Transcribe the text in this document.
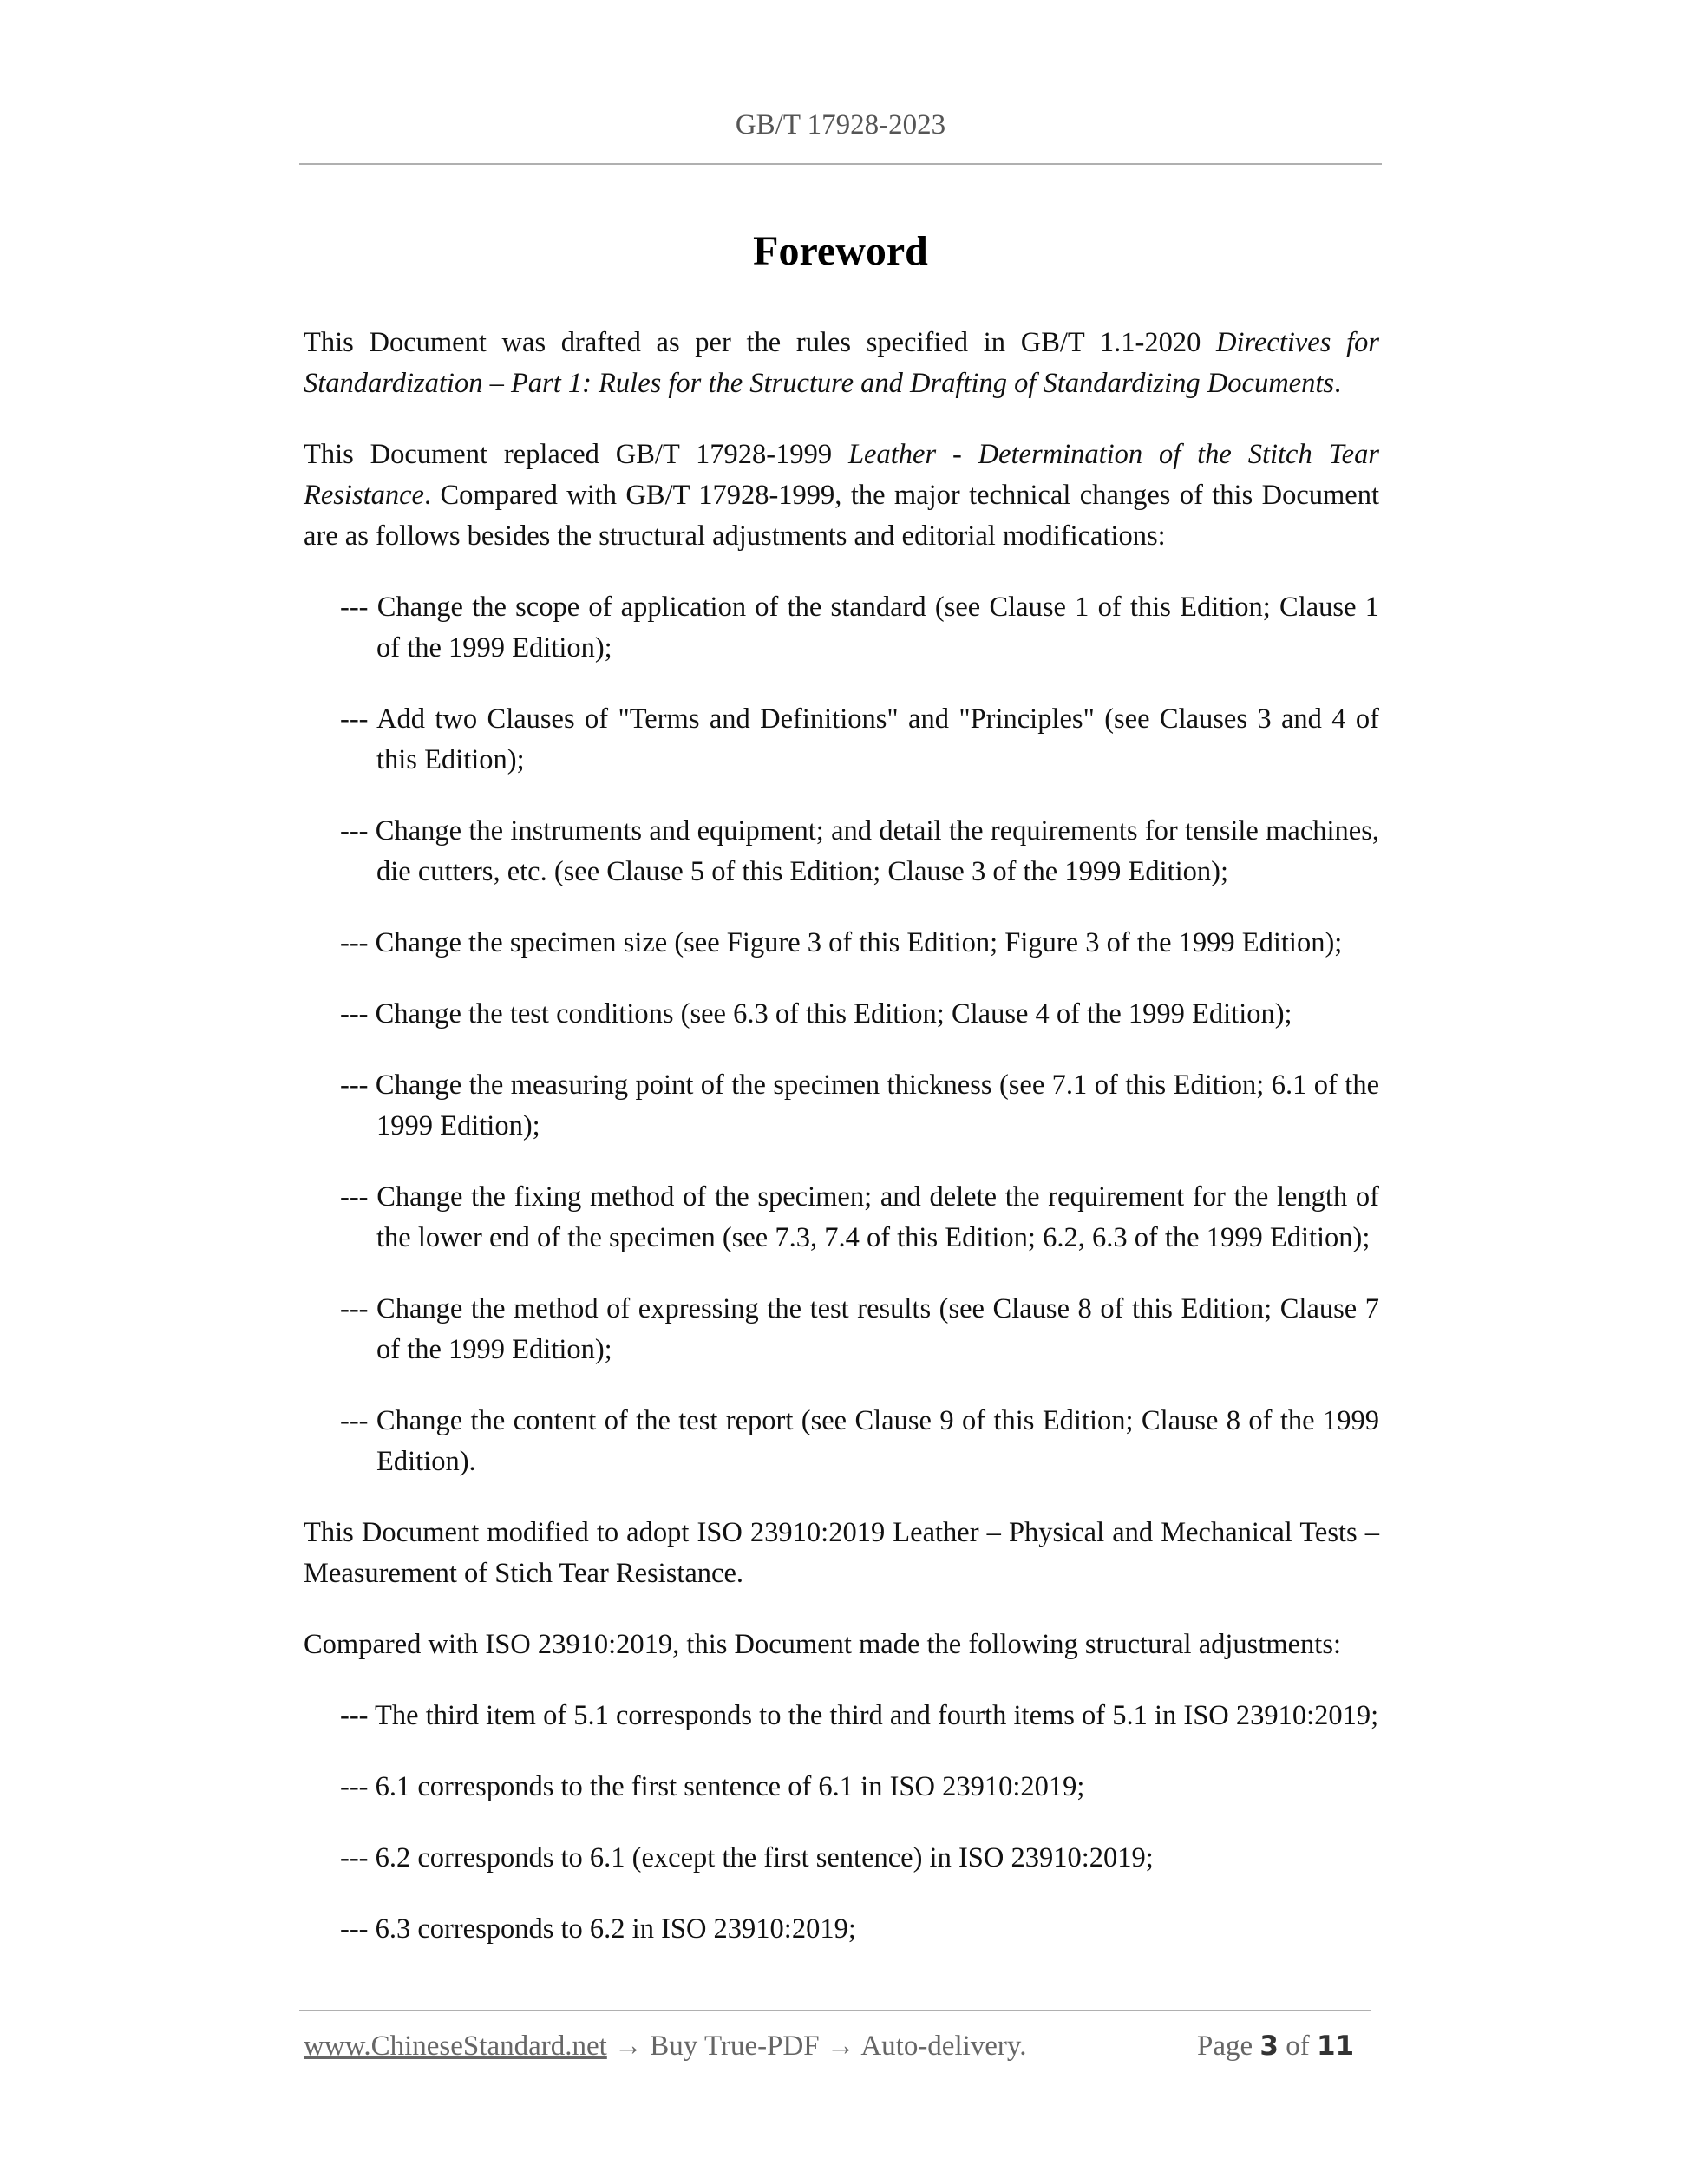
GB/T 17928-2023
Foreword

This Document was drafted as per the rules specified in GB/T 1.1-2020 Directives for Standardization – Part 1: Rules for the Structure and Drafting of Standardizing Documents.

This Document replaced GB/T 17928-1999 Leather - Determination of the Stitch Tear Resistance. Compared with GB/T 17928-1999, the major technical changes of this Document are as follows besides the structural adjustments and editorial modifications:

--- Change the scope of application of the standard (see Clause 1 of this Edition; Clause 1 of the 1999 Edition);
--- Add two Clauses of "Terms and Definitions" and "Principles" (see Clauses 3 and 4 of this Edition);
--- Change the instruments and equipment; and detail the requirements for tensile machines, die cutters, etc. (see Clause 5 of this Edition; Clause 3 of the 1999 Edition);
--- Change the specimen size (see Figure 3 of this Edition; Figure 3 of the 1999 Edition);
--- Change the test conditions (see 6.3 of this Edition; Clause 4 of the 1999 Edition);
--- Change the measuring point of the specimen thickness (see 7.1 of this Edition; 6.1 of the 1999 Edition);
--- Change the fixing method of the specimen; and delete the requirement for the length of the lower end of the specimen (see 7.3, 7.4 of this Edition; 6.2, 6.3 of the 1999 Edition);
--- Change the method of expressing the test results (see Clause 8 of this Edition; Clause 7 of the 1999 Edition);
--- Change the content of the test report (see Clause 9 of this Edition; Clause 8 of the 1999 Edition).

This Document modified to adopt ISO 23910:2019 Leather – Physical and Mechanical Tests – Measurement of Stich Tear Resistance.

Compared with ISO 23910:2019, this Document made the following structural adjustments:

--- The third item of 5.1 corresponds to the third and fourth items of 5.1 in ISO 23910:2019;
--- 6.1 corresponds to the first sentence of 6.1 in ISO 23910:2019;
--- 6.2 corresponds to 6.1 (except the first sentence) in ISO 23910:2019;
--- 6.3 corresponds to 6.2 in ISO 23910:2019;
www.ChineseStandard.net → Buy True-PDF → Auto-delivery.	Page 3 of 11
